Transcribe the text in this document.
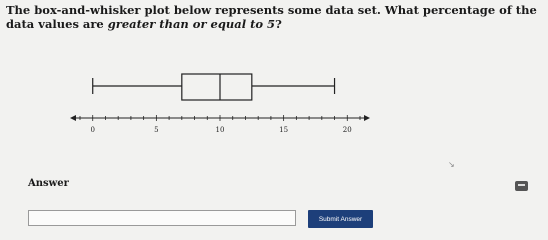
The box-and-whisker plot below represents some data set. What percentage of the data values are greater than or equal to 5?
0	5	10	15	20
↘
Answer
Submit Answer
